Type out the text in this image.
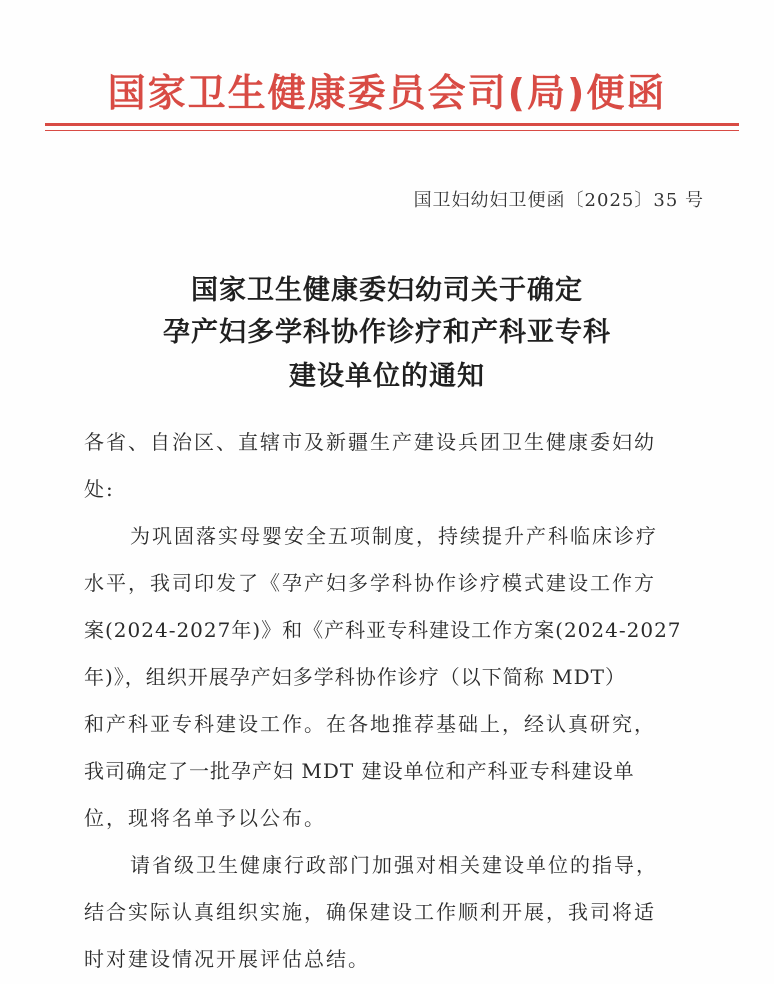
国家卫生健康委员会司(局)便函
国卫妇幼妇卫便函〔2025〕35 号
国家卫生健康委妇幼司关于确定
孕产妇多学科协作诊疗和产科亚专科
建设单位的通知
各省、自治区、直辖市及新疆生产建设兵团卫生健康委妇幼
处:
为巩固落实母婴安全五项制度，持续提升产科临床诊疗
水平，我司印发了《孕产妇多学科协作诊疗模式建设工作方
案(2024-2027年)》和《产科亚专科建设工作方案(2024-2027
年)》，组织开展孕产妇多学科协作诊疗（以下简称 MDT）
和产科亚专科建设工作。在各地推荐基础上，经认真研究，
我司确定了一批孕产妇 MDT 建设单位和产科亚专科建设单
位，现将名单予以公布。
请省级卫生健康行政部门加强对相关建设单位的指导，
结合实际认真组织实施，确保建设工作顺利开展，我司将适
时对建设情况开展评估总结。
